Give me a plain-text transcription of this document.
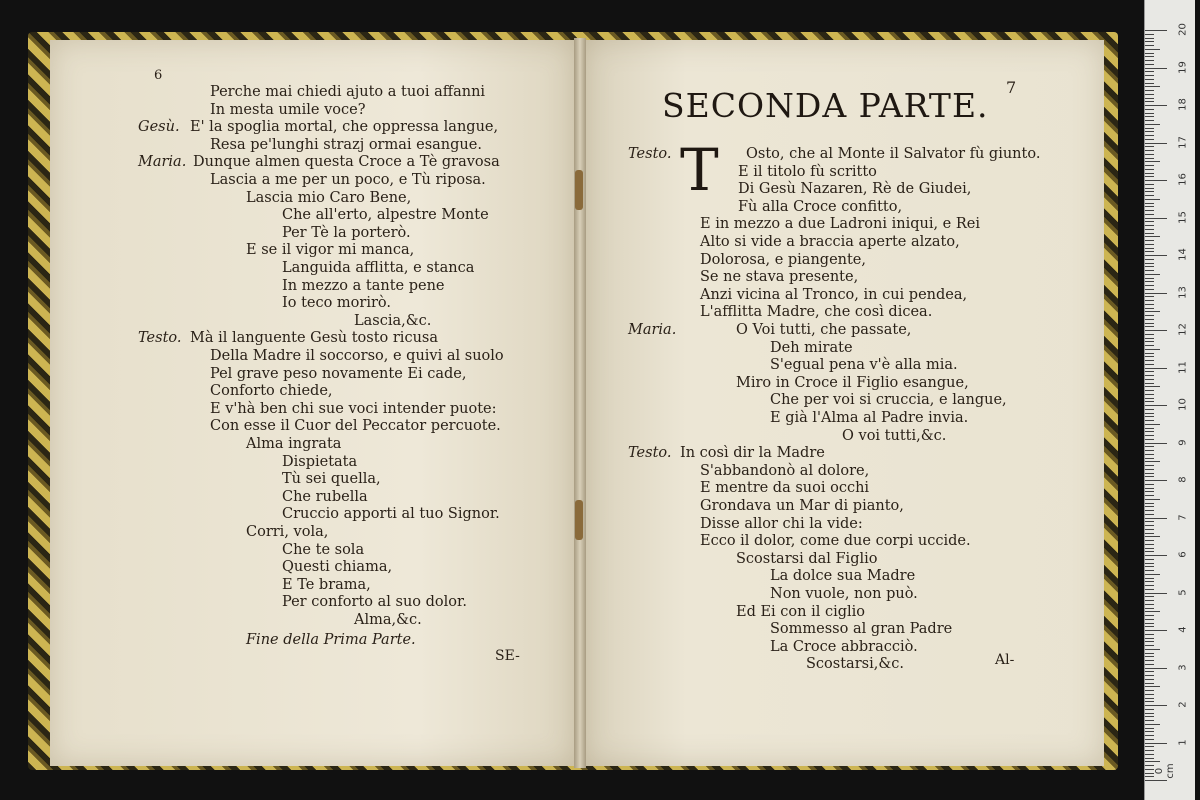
Perche mai chiedi ajuto a tuoi affanni
In mesta umile voce?
Gesù. E' la spoglia mortal, che oppressa langue,
Resa pe'lunghi strazj ormai esangue.
Maria. Dunque almen questa Croce a Tè gravosa
Lascia a me per un poco, e Tù riposa.
Lascia mio Caro Bene,
Che all'erto, alpestre Monte
Per Tè la porterò.
E se il vigor mi manca,
Languida afflitta, e stanca
In mezzo a tante pene
Io teco morirò.
Lascia,&c.
Testo. Mà il languente Gesù tosto ricusa
Della Madre il soccorso, e quivi al suolo
Pel grave peso novamente Ei cade,
Conforto chiede,
E v'hà ben chi sue voci intender puote:
Con esse il Cuor del Peccator percuote.
Alma ingrata
Dispietata
Tù sei quella,
Che rubella
Cruccio apporti al tuo Signor.
Corri, vola,
Che te sola
Questi chiama,
E Te brama,
Per conforto al suo dolor.
Alma,&c.
Testo.	Osto, che al Monte il Salvator fù giunto.
E il titolo fù scritto
Di Gesù Nazaren, Rè de Giudei,
Fù alla Croce confitto,
E in mezzo a due Ladroni iniqui, e Rei
Alto si vide a braccia aperte alzato,
Dolorosa, e piangente,
Se ne stava presente,
Anzi vicina al Tronco, in cui pendea,
L'afflitta Madre, che così dicea.
Maria.	O Voi tutti, che passate,
Deh mirate
S'egual pena v'è alla mia.
Miro in Croce il Figlio esangue,
Che per voi si cruccia, e langue,
E già l'Alma al Padre invia.
O voi tutti,&c.
Testo. In così dir la Madre
S'abbandonò al dolore,
E mentre da suoi occhi
Grondava un Mar di pianto,
Disse allor chi la vide:
Ecco il dolor, come due corpi uccide.
Scostarsi dal Figlio
La dolce sua Madre
Non vuole, non può.
Ed Ei con il ciglio
Sommesso al gran Padre
La Croce abbracciò.
Scostarsi,&c.
6
7
SECONDA PARTE.
T
Fine della Prima Parte.
SE-	Al-
1
2
3
4
5
6
7
8
9
10
11
12
13
14
15
16
17
18
19
20
0 cm
